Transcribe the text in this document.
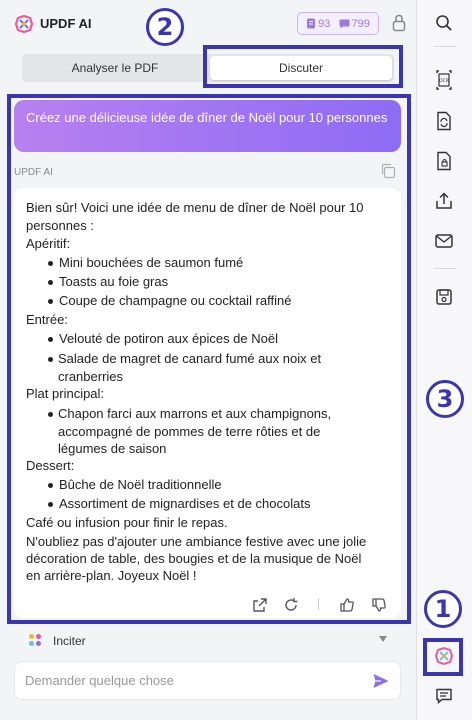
UPDF AI	93 799
Analyser le PDF	Discuter
Créez une délicieuse idée de dîner de Noël pour 10 personnes
UPDF AI
Bien sûr! Voici une idée de menu de dîner de Noël pour 10
personnes :
Apéritif:
Mini bouchées de saumon fumé
Toasts au foie gras
Coupe de champagne ou cocktail raffiné
Entrée:
Velouté de potiron aux épices de Noël
Salade de magret de canard fumé aux noix et cranberries
Plat principal:
Chapon farci aux marrons et aux champignons, accompagné de pommes de terre rôties et de légumes de saison
Dessert:
Bûche de Noël traditionnelle
Assortiment de mignardises et de chocolats
Café ou infusion pour finir le repas.
N'oubliez pas d'ajouter une ambiance festive avec une jolie
décoration de table, des bougies et de la musique de Noël
en arrière-plan. Joyeux Noël !
Inciter
Demander quelque chose
OCR
2
3
1
